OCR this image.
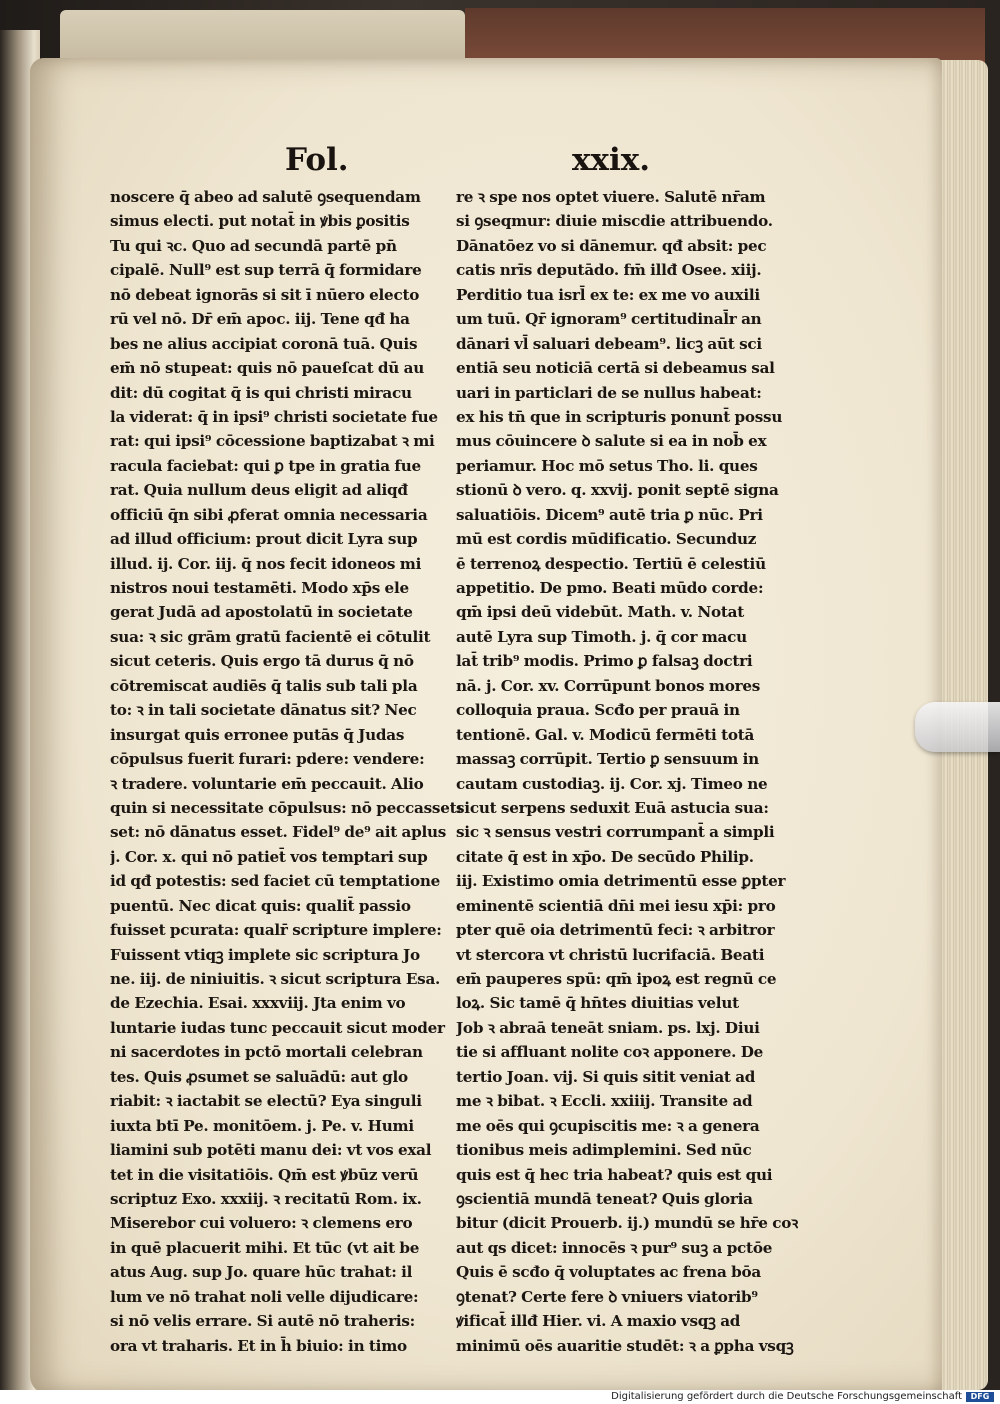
Fol.	xxix.
noscere q̄ abeo ad salutē ꝯsequendam
simus electi. put notat̄ in ꝟbis ꝑositis
Tu qui ꝛc. Quo ad secundā partē pn̄
cipalē. Null⁹ est sup terrā q̄ formidare
nō debeat ignorās si sit ī nūero electo
rū vel nō. Dr̄ em̄ apoc. iij. Tene qđ ha
bes ne alius accipiat coronā tuā. Quis
em̄ nō stupeat: quis nō paueſcat dū au
dit: dū cogitat q̄ is qui christi miracu
la viderat: q̄ in ipsi⁹ christi societate fue
rat: qui ipsi⁹ cōcessione baptizabat ꝛ mi
racula faciebat: qui ꝑ tpe in gratia fue
rat. Quia nullum deus eligit ad aliqđ
officiū q̄n sibi ꝓferat omnia necessaria
ad illud officium: prout dicit Lyra sup
illud. ij. Cor. iij. q̄ nos fecit idoneos mi
nistros noui testamēti. Modo xp̄s ele
gerat Judā ad apostolatū in societate
sua: ꝛ sic grām gratū facientē ei cōtulit
sicut ceteris. Quis ergo tā durus q̄ nō
cōtremiscat audiēs q̄ talis sub tali pla
to: ꝛ in tali societate dānatus sit? Nec
insurgat quis erronee putās q̄ Judas
cōpulsus fuerit furari: pdere: vendere:
ꝛ tradere. voluntarie em̄ peccauit. Alio
quin si necessitate cōpulsus: nō peccasset:
set: nō dānatus esset. Fidel⁹ de⁹ ait aplus
j. Cor. x. qui nō patiet̄ vos temptari sup
id qđ potestis: sed faciet cū temptatione
puentū. Nec dicat quis: qualit̄ passio
fuisset pcurata: qualr̄ scripture implere:
Fuissent vtiqꝫ implete sic scriptura Jo
ne. iij. de niniuitis. ꝛ sicut scriptura Esa.
de Ezechia. Esai. xxxviij. Jta enim vo
luntarie iudas tunc peccauit sicut moder
ni sacerdotes in pctō mortali celebran
tes. Quis ꝓsumet se saluādū: aut glo
riabit: ꝛ iactabit se electū? Eya singuli
iuxta btī Pe. monitōem. j. Pe. v. Humi
liamini sub potēti manu dei: vt vos exal
tet in die visitatiōis. Qm̄ est ꝟbūz verū
scriptuz Exo. xxxiij. ꝛ recitatū Rom. ix.
Miserebor cui voluero: ꝛ clemens ero
in quē placuerit mihi. Et tūc (vt ait be
atus Aug. sup Jo. quare hūc trahat: il
lum ve nō trahat noli velle dijudicare:
si nō velis errare. Si autē nō traheris:
ora vt traharis. Et in h̄ biuio: in timo
re ꝛ spe nos optet viuere. Salutē nr̄am
si ꝯseqmur: diuie miscdie attribuendo.
Dānatōez vo si dānemur. qđ absit: pec
catis nrīs deputādo. fm̄ illđ Osee. xiij.
Perditio tua isrl̄ ex te: ex me vo auxili
um tuū. Qr̄ ignoram⁹ certitudinal̄r an
dānari vl̄ saluari debeam⁹. licꝫ aūt sci
entiā seu noticiā certā si debeamus sal
uari in particlari de se nullus habeat:
ex his tn̄ que in scripturis ponunt̄ possu
mus cōuincere ꝺ salute si ea in nob̄ ex
periamur. Hoc mō setus Tho. li. ques
stionū ꝺ vero. q. xxvij. ponit septē signa
saluatiōis. Dicem⁹ autē tria ꝑ nūc. Pri
mū est cordis mūdificatio. Secunduz
ē terrenoꝝ despectio. Tertiū ē celestiū
appetitio. De pmo. Beati mūdo corde:
qm̄ ipsi deū videbūt. Math. v. Notat
autē Lyra sup Timoth. j. q̄ cor macu
lat̄ trib⁹ modis. Primo ꝑ falsaꝫ doctri
nā. j. Cor. xv. Corrūpunt bonos mores
colloquia praua. Scđo per prauā in
tentionē. Gal. v. Modicū fermēti totā
massaꝫ corrūpit. Tertio ꝑ sensuum in
cautam custodiaꝫ. ij. Cor. xj. Timeo ne
sicut serpens seduxit Euā astucia sua:
sic ꝛ sensus vestri corrumpant̄ a simpli
citate q̄ est in xp̄o. De secūdo Philip.
iij. Existimo omia detrimentū esse ꝑpter
eminentē scientiā dn̄i mei iesu xp̄i: pro
pter quē oia detrimentū feci: ꝛ arbitror
vt stercora vt christū lucrifaciā. Beati
em̄ pauperes spū: qm̄ ipoꝝ est regnū ce
loꝝ. Sic tamē q̄ hn̄tes diuitias velut
Job ꝛ abraā teneāt sniam. ps. lxj. Diui
tie si affluant nolite coꝛ apponere. De
tertio Joan. vij. Si quis sitit veniat ad
me ꝛ bibat. ꝛ Eccli. xxiiij. Transite ad
me oēs qui ꝯcupiscitis me: ꝛ a genera
tionibus meis adimplemini. Sed nūc
quis est q̄ hec tria habeat? quis est qui
ꝯscientiā mundā teneat? Quis gloria
bitur (dicit Prouerb. ij.) mundū se hr̄e coꝛ
aut qs dicet: innocēs ꝛ pur⁹ suꝫ a pctōe
Quis ē scđo q̄ voluptates ac frena bōa
ꝯtenat? Certe fere ꝺ vniuers viatorib⁹
ꝟificat̄ illđ Hier. vi. A maxio vsqꝫ ad
minimū oēs auaritie studēt: ꝛ a ꝑpha vsqꝫ
Digitalisierung gefördert durch die Deutsche Forschungsgemeinschaft	DFG
